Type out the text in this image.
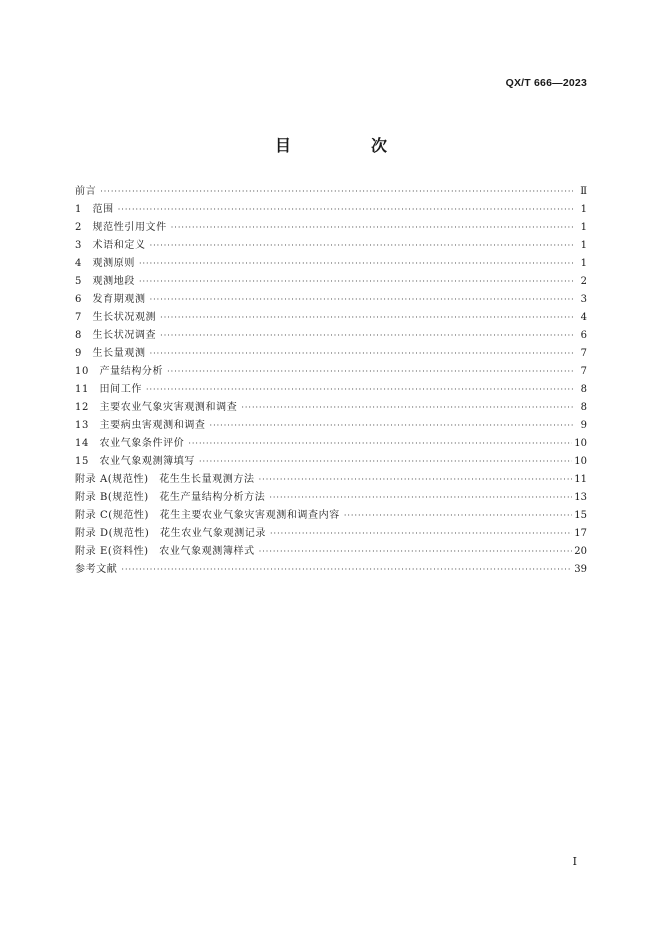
QX/T 666—2023
目　次
前言 ·····	Ⅱ
1　范围 ·····	1
2　规范性引用文件 ·····	1
3　术语和定义 ·····	1
4　观测原则 ·····	1
5　观测地段 ·····	2
6　发育期观测 ·····	3
7　生长状况观测 ·····	4
8　生长状况调查 ·····	6
9　生长量观测 ·····	7
10　产量结构分析 ·····	7
11　田间工作 ·····	8
12　主要农业气象灾害观测和调查 ·····	8
13　主要病虫害观测和调查 ·····	9
14　农业气象条件评价 ·····	10
15　农业气象观测簿填写 ·····	10
附录 A(规范性)　花生生长量观测方法 ·····	11
附录 B(规范性)　花生产量结构分析方法 ·····	13
附录 C(规范性)　花生主要农业气象灾害观测和调查内容 ·····	15
附录 D(规范性)　花生农业气象观测记录 ·····	17
附录 E(资料性)　农业气象观测簿样式 ·····	20
参考文献 ·····	39
Ⅰ
